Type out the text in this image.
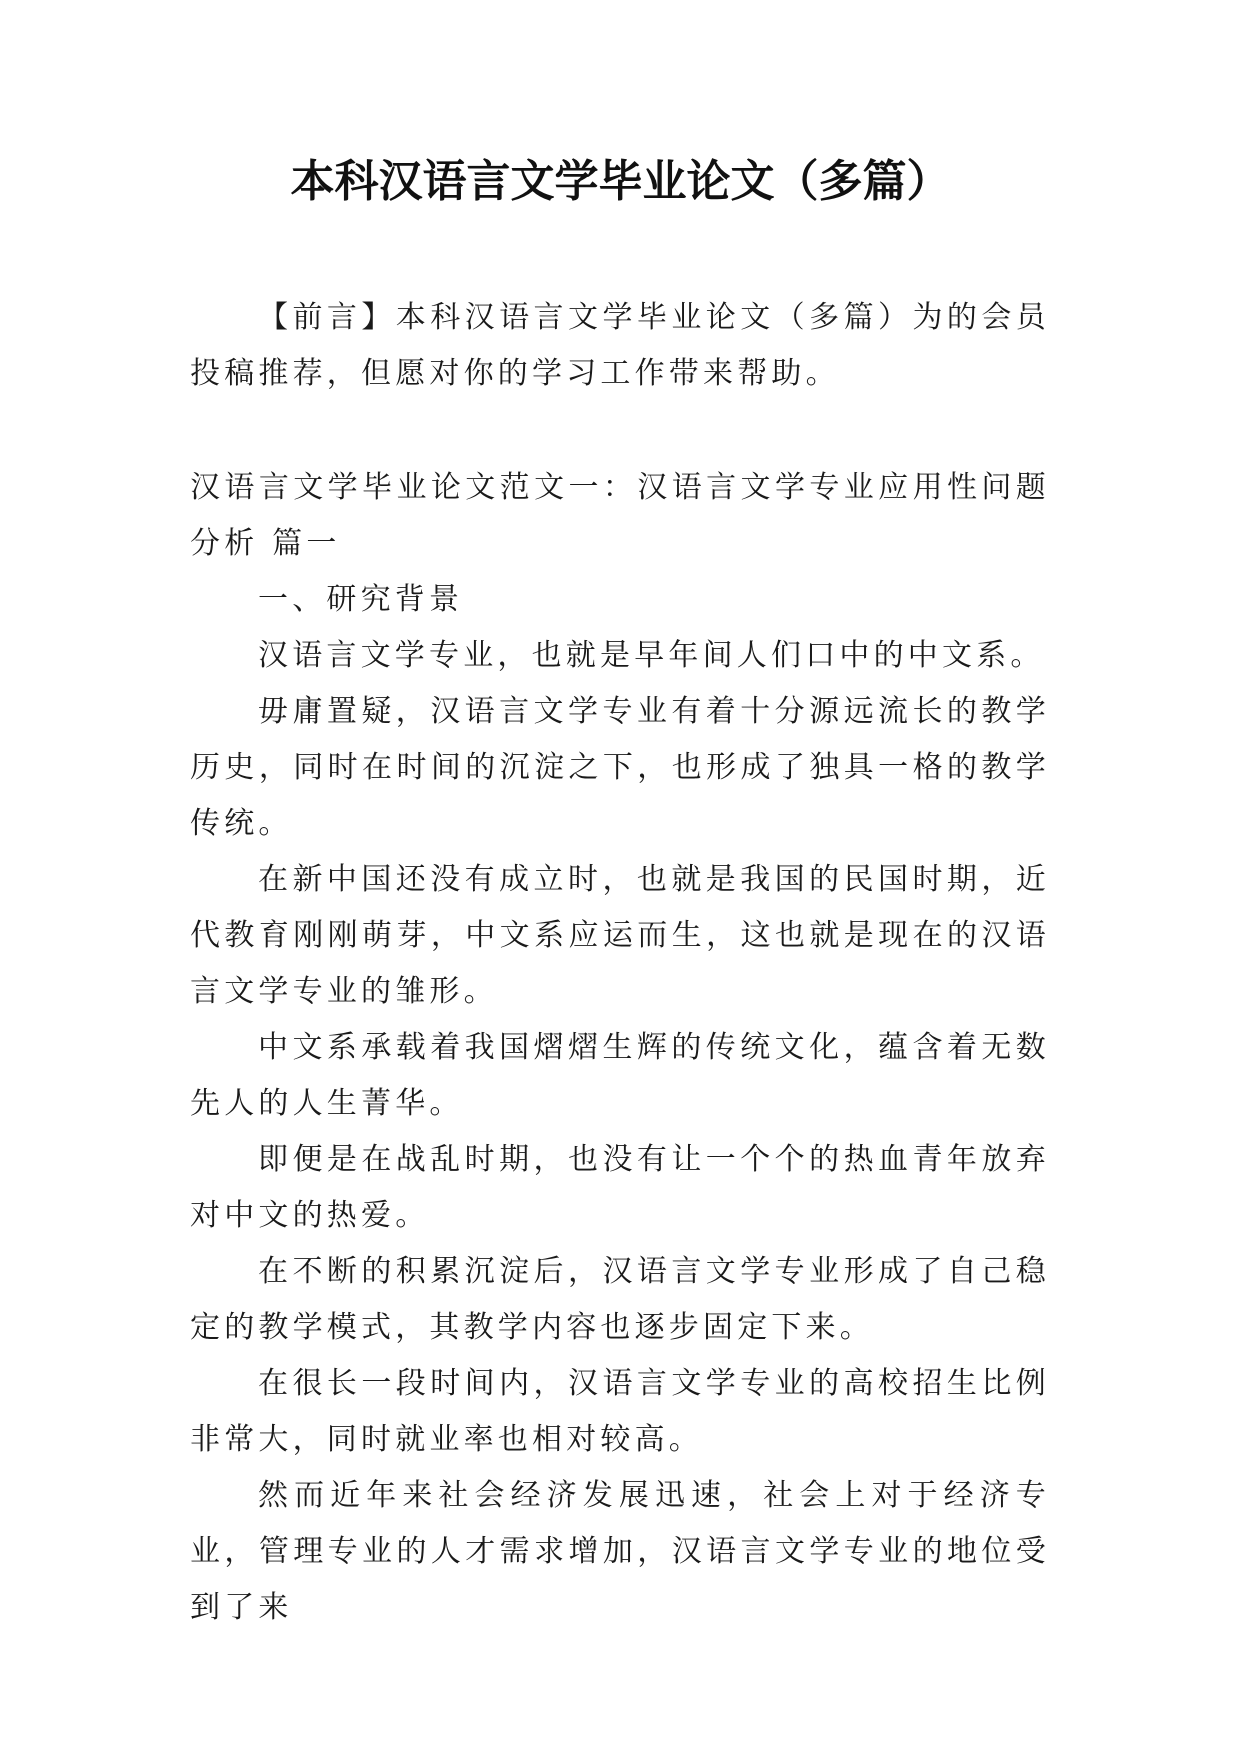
本科汉语言文学毕业论文（多篇）

【前言】本科汉语言文学毕业论文（多篇）为的会员投稿推荐，但愿对你的学习工作带来帮助。

汉语言文学毕业论文范文一：汉语言文学专业应用性问题分析 篇一

一、研究背景

汉语言文学专业，也就是早年间人们口中的中文系。

毋庸置疑，汉语言文学专业有着十分源远流长的教学历史，同时在时间的沉淀之下，也形成了独具一格的教学传统。

在新中国还没有成立时，也就是我国的民国时期，近代教育刚刚萌芽，中文系应运而生，这也就是现在的汉语言文学专业的雏形。

中文系承载着我国熠熠生辉的传统文化，蕴含着无数先人的人生菁华。

即便是在战乱时期，也没有让一个个的热血青年放弃对中文的热爱。

在不断的积累沉淀后，汉语言文学专业形成了自己稳定的教学模式，其教学内容也逐步固定下来。

在很长一段时间内，汉语言文学专业的高校招生比例非常大，同时就业率也相对较高。

然而近年来社会经济发展迅速，社会上对于经济专业，管理专业的人才需求增加，汉语言文学专业的地位受到了来
